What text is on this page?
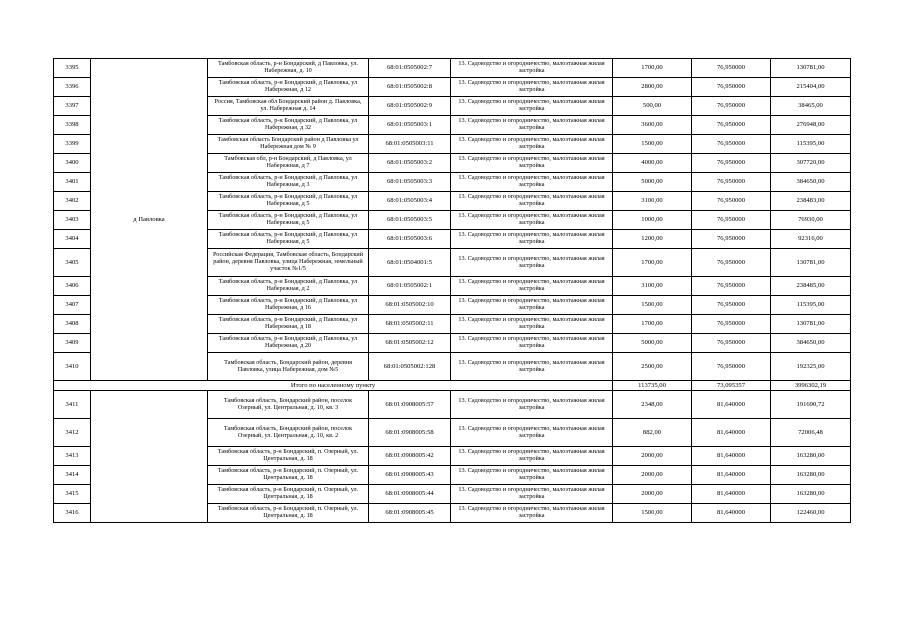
3395	д Павловка	Тамбовская область, р-н Бондарский, д Павловка, ул. Набережная, д. 10	68:01:0505002:7	13. Садоводство и огородничество, малоэтажная жилая застройка	1700,00	76,950000	130781,00
3396		Тамбовская область, р-н Бондарский, д Павловка, ул Набережная, д 12	68:01:0505002:8	13. Садоводство и огородничество, малоэтажная жилая застройка	2800,00	76,950000	215404,00
3397		Россия, Тамбовская обл Бондарский район д. Павловка, ул. Набережная д. 14	68:01:0505002:9	13. Садоводство и огородничество, малоэтажная жилая застройка	500,00	76,950000	38465,00
3398		Тамбовская область, р-н Бондарский, д Павловка, ул Набережная, д 32	68:01:0505003:1	13. Садоводство и огородничество, малоэтажная жилая застройка	3600,00	76,950000	276948,00
3399		Тамбовская область Бондарский район д Павловка ул Набережная дом № 9	68:01:0505003:11	13. Садоводство и огородничество, малоэтажная жилая застройка	1500,00	76,950000	115395,00
3400		Тамбовская обл, р-н Бондарский, д Павловка, ул Набережная, д 7	68:01:0505003:2	13. Садоводство и огородничество, малоэтажная жилая застройка	4000,00	76,950000	307720,00
3401		Тамбовская область, р-н Бондарский, д Павловка, ул Набережная, д 3	68:01:0505003:3	13. Садоводство и огородничество, малоэтажная жилая застройка	5000,00	76,950000	384650,00
3402		Тамбовская область, р-н Бондарский, д Павловка, ул Набережная, д 5	68:01:0505003:4	13. Садоводство и огородничество, малоэтажная жилая застройка	3100,00	76,950000	238483,00
3403		Тамбовская область, р-н Бондарский, д Павловка, ул Набережная, д 5	68:01:0505003:5	13. Садоводство и огородничество, малоэтажная жилая застройка	1000,00	76,950000	76930,00
3404		Тамбовская область, р-н Бондарский, д Павловка, ул Набережная, д 5	68:01:0505003:6	13. Садоводство и огородничество, малоэтажная жилая застройка	1200,00	76,950000	92316,00
3405		Российская Федерация, Тамбовская область, Бондарский район, деревня Павловка, улица Набережная, земельный участок №1/5	68:01:0504001:5	13. Садоводство и огородничество, малоэтажная жилая застройка	1700,00	76,950000	130781,00
3406		Тамбовская область, р-н Бондарский, д Павловка, ул Набережная, д 2	68:01:0505002:1	13. Садоводство и огородничество, малоэтажная жилая застройка	3100,00	76,950000	238485,00
3407		Тамбовская область, р-н Бондарский, д Павловка, ул Набережная, д 16	68:01:0505002:10	13. Садоводство и огородничество, малоэтажная жилая застройка	1500,00	76,950000	115395,00
3408		Тамбовская область, р-н Бондарский, д Павловка, ул Набережная, д 18	68:01:0505002:11	13. Садоводство и огородничество, малоэтажная жилая застройка	1700,00	76,950000	130781,00
3409		Тамбовская область, р-н Бондарский, д Павловка, ул Набережная, д 20	68:01:0505002:12	13. Садоводство и огородничество, малоэтажная жилая застройка	5000,00	76,950000	384650,00
3410		Тамбовская область, Бондарский район, деревня Павловка, улица Набережная, дом №5	68:01:0505002:128	13. Садоводство и огородничество, малоэтажная жилая застройка	2500,00	76,950000	192325,00
Итого по населенному пункту					113735,00	73,095357	3996302,19
3411		Тамбовская область, Бондарский район, поселок Озерный, ул. Центральная, д. 10, кв. 3	68:01:0908005:57	13. Садоводство и огородничество, малоэтажная жилая застройка	2348,00	81,640000	191690,72
3412		Тамбовская область, Бондарский район, поселок Озерный, ул. Центральная, д. 10, кв. 2	68:01:0908005:58	13. Садоводство и огородничество, малоэтажная жилая застройка	882,00	81,640000	72006,48
3413		Тамбовская область, р-н Бондарский, п. Озерный, ул. Центральная, д. 18	68:01:0908005:42	13. Садоводство и огородничество, малоэтажная жилая застройка	2000,00	81,640000	163280,00
3414		Тамбовская область, р-н Бондарский, п. Озерный, ул. Центральная, д. 18	68:01:0908005:43	13. Садоводство и огородничество, малоэтажная жилая застройка	2000,00	81,640000	163280,00
3415		Тамбовская область, р-н Бондарский, п. Озерный, ул. Центральная, д. 18	68:01:0908005:44	13. Садоводство и огородничество, малоэтажная жилая застройка	2000,00	81,640000	163280,00
3416		Тамбовская область, р-н Бондарский, п. Озерный, ул. Центральная, д. 18	68:01:0908005:45	13. Садоводство и огородничество, малоэтажная жилая застройка	1500,00	81,640000	122460,00
